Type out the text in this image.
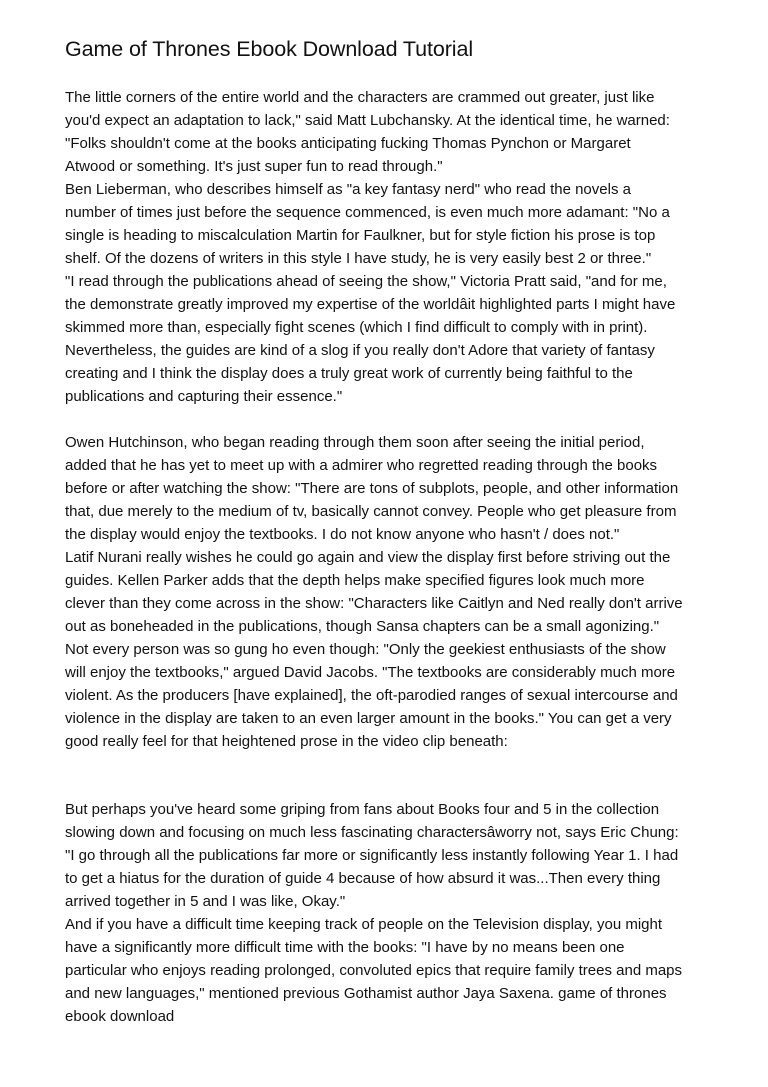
Game of Thrones Ebook Download Tutorial
The little corners of the entire world and the characters are crammed out greater, just like
you'd expect an adaptation to lack," said Matt Lubchansky. At the identical time, he warned:
"Folks shouldn't come at the books anticipating fucking Thomas Pynchon or Margaret
Atwood or something. It's just super fun to read through."
Ben Lieberman, who describes himself as "a key fantasy nerd" who read the novels a
number of times just before the sequence commenced, is even much more adamant: "No a
single is heading to miscalculation Martin for Faulkner, but for style fiction his prose is top
shelf. Of the dozens of writers in this style I have study, he is very easily best 2 or three."
"I read through the publications ahead of seeing the show," Victoria Pratt said, "and for me,
the demonstrate greatly improved my expertise of the worldâit highlighted parts I might have
skimmed more than, especially fight scenes (which I find difficult to comply with in print).
Nevertheless, the guides are kind of a slog if you really don't Adore that variety of fantasy
creating and I think the display does a truly great work of currently being faithful to the
publications and capturing their essence."
Owen Hutchinson, who began reading through them soon after seeing the initial period,
added that he has yet to meet up with a admirer who regretted reading through the books
before or after watching the show: "There are tons of subplots, people, and other information
that, due merely to the medium of tv, basically cannot convey. People who get pleasure from
the display would enjoy the textbooks. I do not know anyone who hasn't / does not."
Latif Nurani really wishes he could go again and view the display first before striving out the
guides. Kellen Parker adds that the depth helps make specified figures look much more
clever than they come across in the show: "Characters like Caitlyn and Ned really don't arrive
out as boneheaded in the publications, though Sansa chapters can be a small agonizing."
Not every person was so gung ho even though: "Only the geekiest enthusiasts of the show
will enjoy the textbooks," argued David Jacobs. "The textbooks are considerably much more
violent. As the producers [have explained], the oft-parodied ranges of sexual intercourse and
violence in the display are taken to an even larger amount in the books." You can get a very
good really feel for that heightened prose in the video clip beneath:
But perhaps you've heard some griping from fans about Books four and 5 in the collection
slowing down and focusing on much less fascinating charactersâworry not, says Eric Chung:
"I go through all the publications far more or significantly less instantly following Year 1. I had
to get a hiatus for the duration of guide 4 because of how absurd it was...Then every thing
arrived together in 5 and I was like, Okay."
And if you have a difficult time keeping track of people on the Television display, you might
have a significantly more difficult time with the books: "I have by no means been one
particular who enjoys reading prolonged, convoluted epics that require family trees and maps
and new languages," mentioned previous Gothamist author Jaya Saxena. game of thrones
ebook download
